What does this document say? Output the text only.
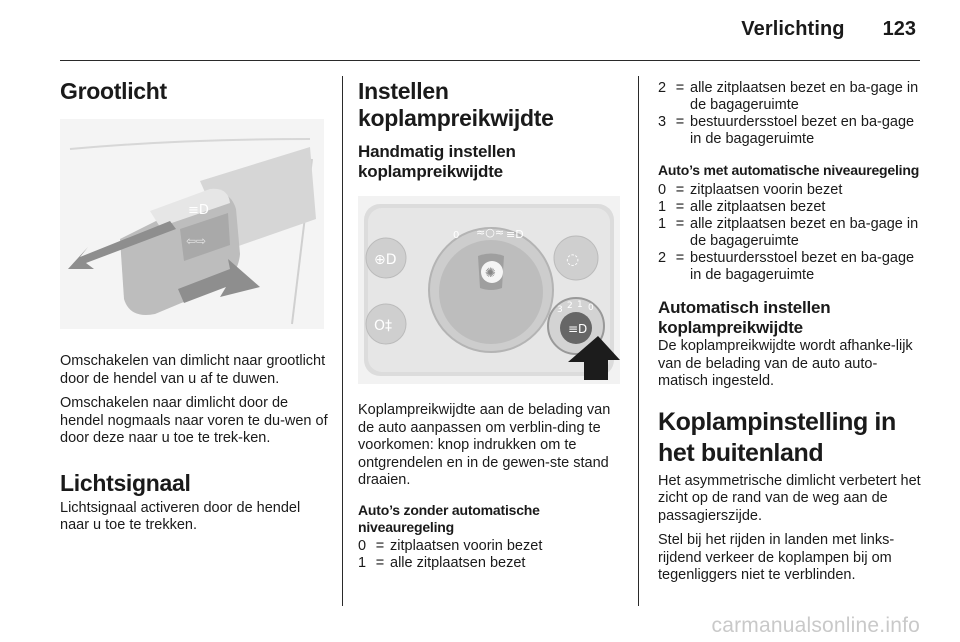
Verlichting 123
Grootlicht
≡D
⇦⇨

Omschakelen van dimlicht naar grootlicht door de hendel van u af te duwen.

Omschakelen naar dimlicht door de hendel nogmaals naar voren te du-wen of door deze naar u toe te trek-ken.

Lichtsignaal

Lichtsignaal activeren door de hendel naar u toe te trekken.

Instellen koplampreikwijdte
Handmatig instellen koplampreikwijdte
⊕D
O‡
✺
0 ≈○≈ ≡D
◌
≡D
3 2 1 0

Koplampreikwijdte aan de belading van de auto aanpassen om verblin-ding te voorkomen: knop indrukken om te ontgrendelen en in de gewen-ste stand draaien.

Auto’s zonder automatische niveauregeling
0 = zitplaatsen voorin bezet
1 = alle zitplaatsen bezet
2 = alle zitplaatsen bezet en ba-gage in de bagageruimte
3 = bestuurdersstoel bezet en ba-gage in de bagageruimte
Auto’s met automatische niveauregeling
0 = zitplaatsen voorin bezet
1 = alle zitplaatsen bezet
1 = alle zitplaatsen bezet en ba-gage in de bagageruimte
2 = bestuurdersstoel bezet en ba-gage in de bagageruimte
Automatisch instellen koplampreikwijdte

De koplampreikwijdte wordt afhanke-lijk van de belading van de auto auto-matisch ingesteld.

Koplampinstelling in het buitenland

Het asymmetrische dimlicht verbetert het zicht op de rand van de weg aan de passagierszijde.

Stel bij het rijden in landen met links-rijdend verkeer de koplampen bij om tegenliggers niet te verblinden.

carmanualsonline.info
